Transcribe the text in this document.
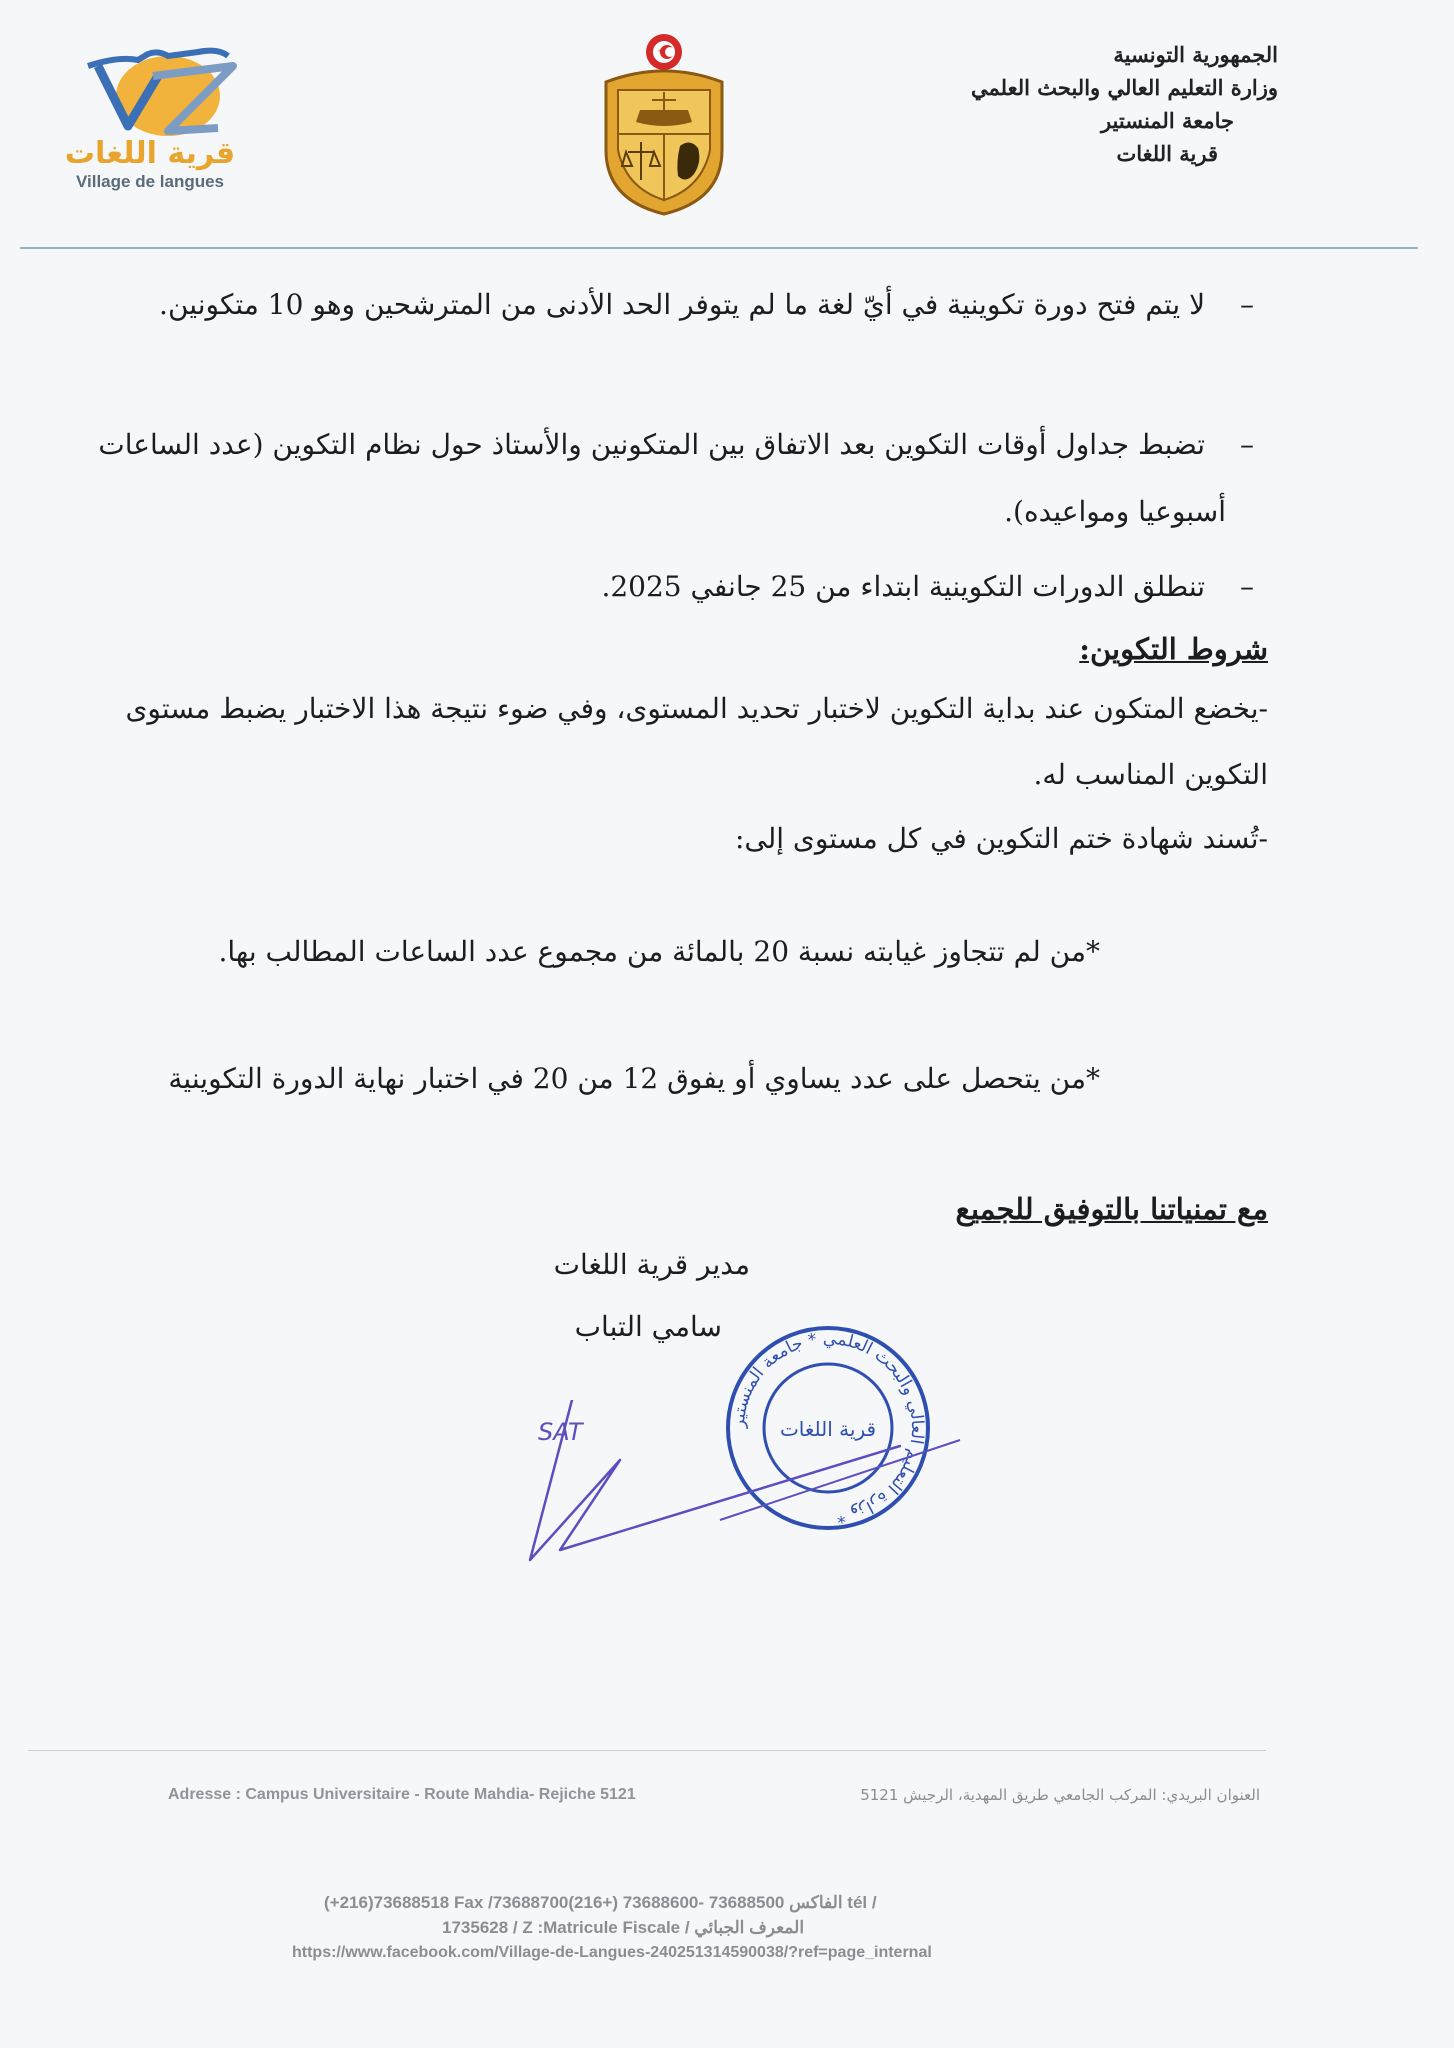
قرية اللغات
Village de langues
الجمهورية التونسية
وزارة التعليم العالي والبحث العلمي
جامعة المنستير
قرية اللغات
– لا يتم فتح دورة تكوينية في أيّ لغة ما لم يتوفر الحد الأدنى من المترشحين وهو 10 متكونين.
– تضبط جداول أوقات التكوين بعد الاتفاق بين المتكونين والأستاذ حول نظام التكوين (عدد الساعات
أسبوعيا ومواعيده).
– تنطلق الدورات التكوينية ابتداء من 25 جانفي 2025.
شروط التكوين:
-يخضع المتكون عند بداية التكوين لاختبار تحديد المستوى، وفي ضوء نتيجة هذا الاختبار يضبط مستوى
التكوين المناسب له.
-تُسند شهادة ختم التكوين في كل مستوى إلى:
*من لم تتجاوز غيابته نسبة 20 بالمائة من مجموع عدد الساعات المطالب بها.
*من يتحصل على عدد يساوي أو يفوق 12 من 20 في اختبار نهاية الدورة التكوينية
مع تمنياتنا بالتوفيق للجميع
مدير قرية اللغات
سامي التباب
وزارة التعليم العالي والبحث العلمي * جامعة المنستير *
قرية اللغات
SAT
Adresse : Campus Universitaire - Route Mahdia- Rejiche 5121	العنوان البريدي: المركب الجامعي طريق المهدية، الرجيش 5121
(+216)73688518 Fax /الفاكس 73688500 -73688600 (+216)73688700 tél /
1735628 / Z :Matricule Fiscale / المعرف الجبائي
https://www.facebook.com/Village-de-Langues-240251314590038/?ref=page_internal
